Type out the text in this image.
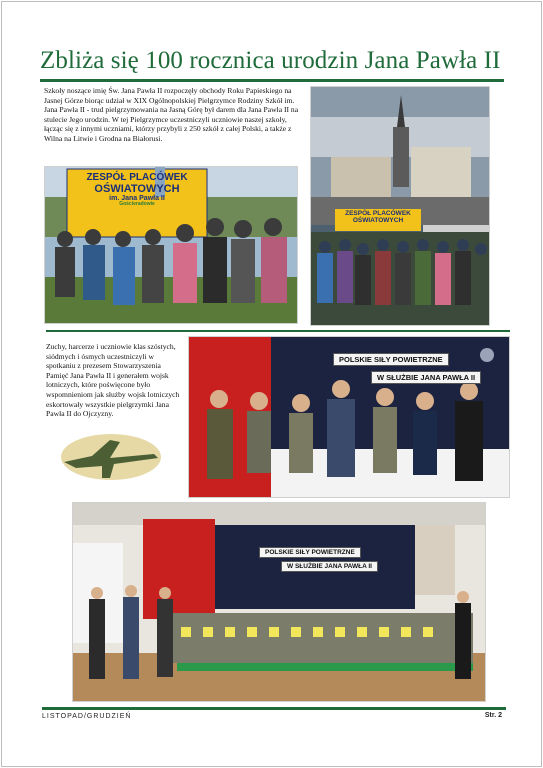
Zbliża się 100 rocznica urodzin Jana Pawła II
Szkoły noszące imię Św. Jana Pawła II rozpoczęły obchody Roku Papieskiego na Jasnej Górze biorąc udział w XIX Ogólnopolskiej Pielgrzymce Rodziny Szkół im. Jana Pawła II - trud pielgrzymowania na Jasną Górę był darem dla Jana Pawła II na stulecie Jego urodzin. W tej Pielgrzymce uczestniczyli uczniowie naszej szkoły, łącząc się z innymi uczniami, którzy przybyli z 250 szkół z całej Polski, a także z Wilna na Litwie i Grodna na Białorusi.
ZESPÓŁ PLACÓWEK
OŚWIATOWYCH
im. Jana Pawła II
Gościeradowie
ZESPÓŁ PLACÓWEK
OŚWIATOWYCH
Zuchy, harcerze i uczniowie klas szóstych, siódmych i ósmych uczestniczyli w spotkaniu z prezesem Stowarzyszenia Pamięć Jana Pawła II i generałem wojsk lotniczych, które poświęcone było wspomnieniom jak służby wojsk lotniczych eskortowały wszystkie pielgrzymki Jana Pawła II do Ojczyzny.
POLSKIE SIŁY POWIETRZNE
W SŁUŻBIE JANA PAWŁA II
POLSKIE SIŁY POWIETRZNE
W SŁUŻBIE JANA PAWŁA II
LISTOPAD/GRUDZIEŃ	Str. 2
